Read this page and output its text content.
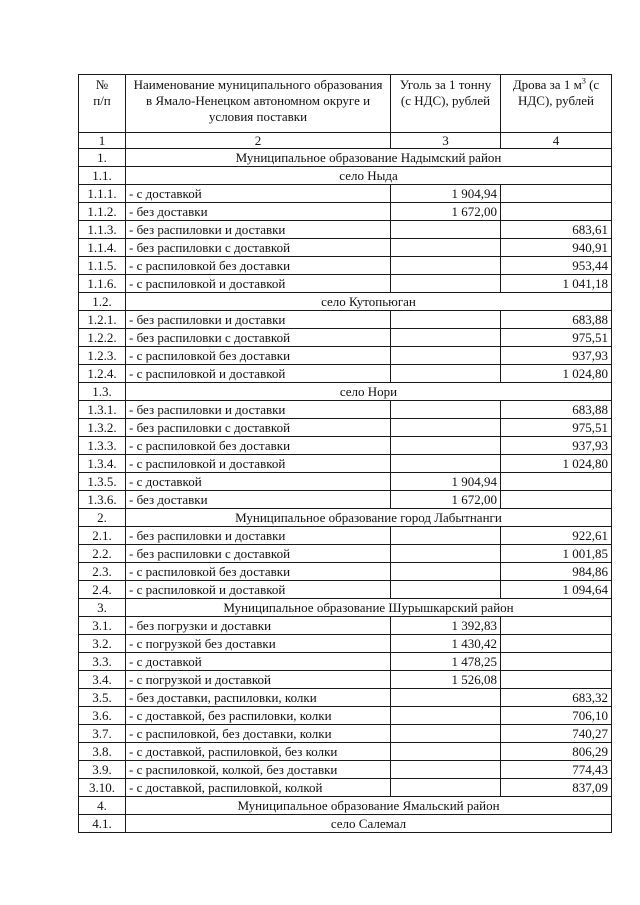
№
п/п	Наименование муниципального образования в Ямало-Ненецком автономном округе и условия поставки	Уголь за 1 тонну (с НДС), рублей	Дрова за 1 $м^3$ (с НДС), рублей
1	2	3	4
1.	Муниципальное образование Надымский район		
1.1.	село Ныда		
1.1.1.	- с доставкой	1 904,94	
1.1.2.	- без доставки	1 672,00	
1.1.3.	- без распиловки и доставки		683,61
1.1.4.	- без распиловки с доставкой		940,91
1.1.5.	- с распиловкой без доставки		953,44
1.1.6.	- с распиловкой и доставкой		1 041,18
1.2.	село Кутопьюган		
1.2.1.	- без распиловки и доставки		683,88
1.2.2.	- без распиловки с доставкой		975,51
1.2.3.	- с распиловкой без доставки		937,93
1.2.4.	- с распиловкой и доставкой		1 024,80
1.3.	село Нори		
1.3.1.	- без распиловки и доставки		683,88
1.3.2.	- без распиловки с доставкой		975,51
1.3.3.	- с распиловкой без доставки		937,93
1.3.4.	- с распиловкой и доставкой		1 024,80
1.3.5.	- с доставкой	1 904,94	
1.3.6.	- без доставки	1 672,00	
2.	Муниципальное образование город Лабытнанги		
2.1.	- без распиловки и доставки		922,61
2.2.	- без распиловки с доставкой		1 001,85
2.3.	- с распиловкой без доставки		984,86
2.4.	- с распиловкой и доставкой		1 094,64
3.	Муниципальное образование Шурышкарский район		
3.1.	- без погрузки и доставки	1 392,83	
3.2.	- с погрузкой без доставки	1 430,42	
3.3.	- с доставкой	1 478,25	
3.4.	- с погрузкой и доставкой	1 526,08	
3.5.	- без доставки, распиловки, колки		683,32
3.6.	- с доставкой, без распиловки, колки		706,10
3.7.	- с распиловкой, без доставки, колки		740,27
3.8.	- с доставкой, распиловкой, без колки		806,29
3.9.	- с распиловкой, колкой, без доставки		774,43
3.10.	- с доставкой, распиловкой, колкой		837,09
4.	Муниципальное образование Ямальский район		
4.1.	село Салемал		
